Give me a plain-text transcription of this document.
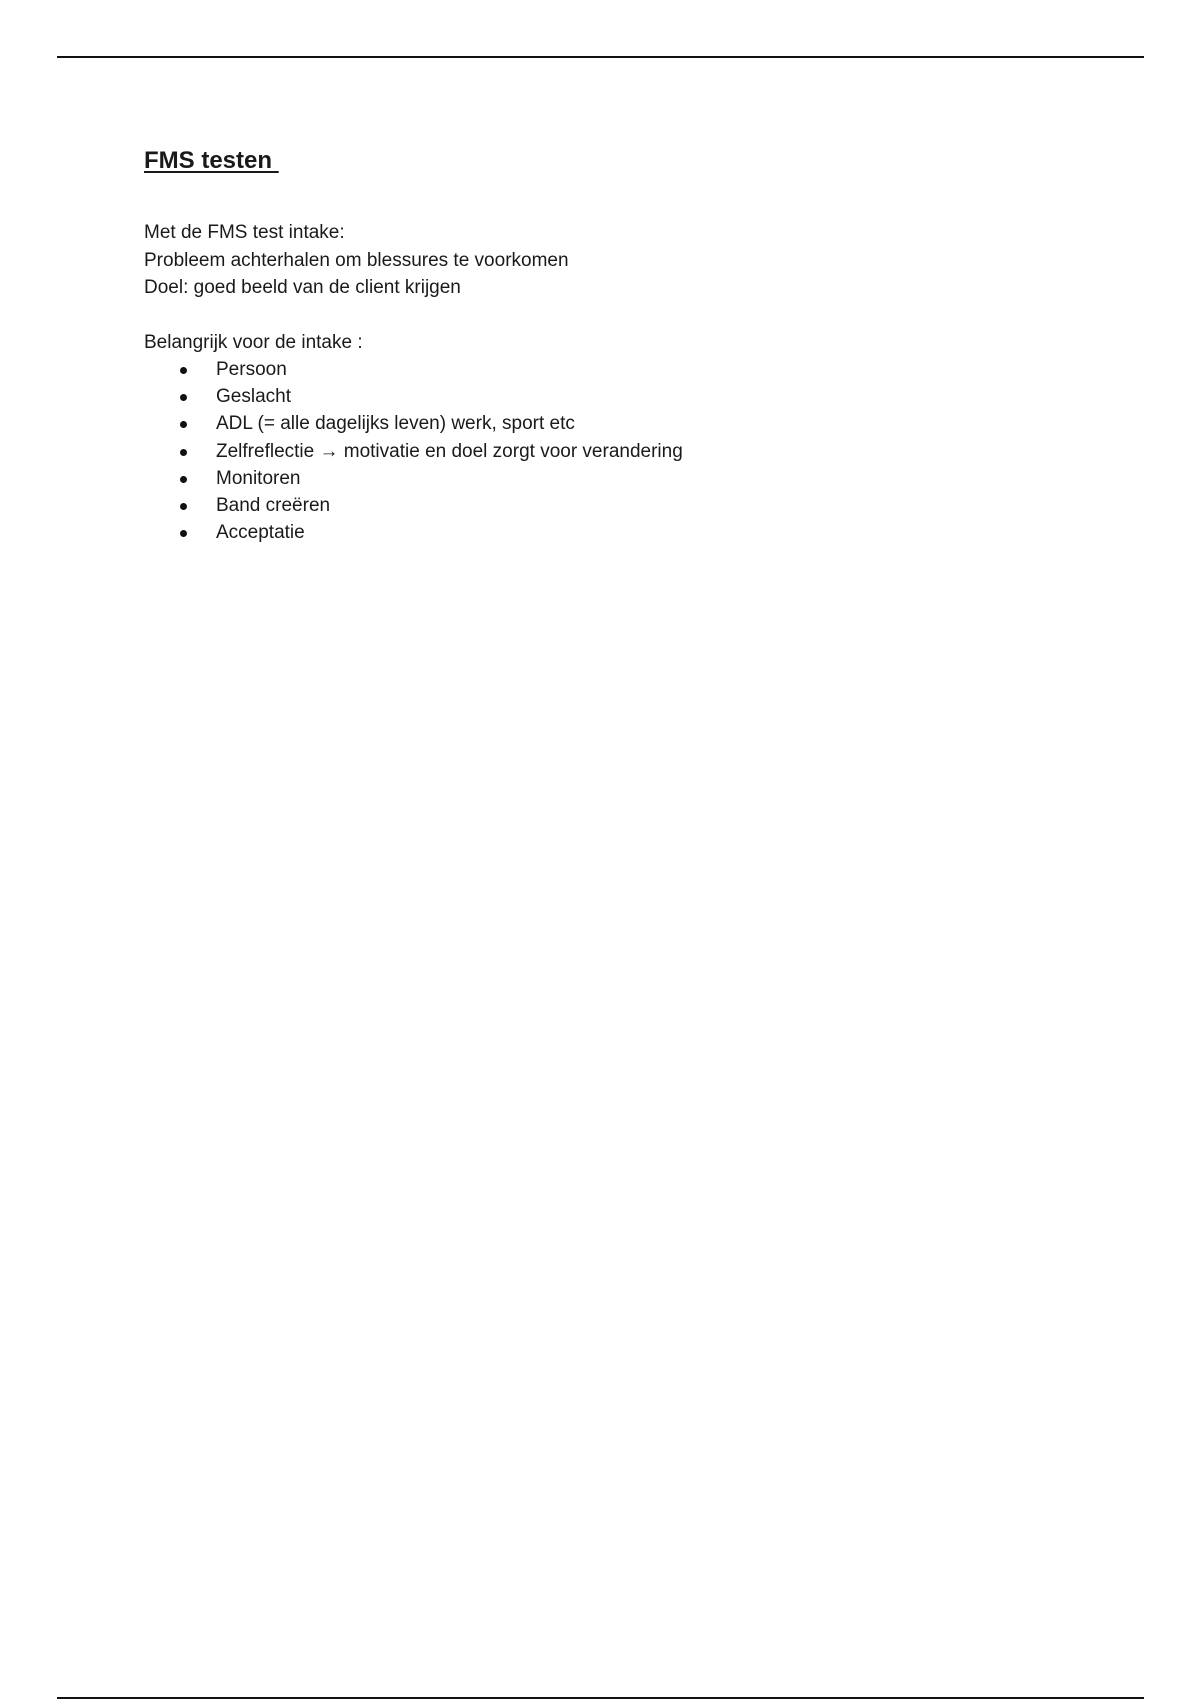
FMS testen
Met de FMS test intake:
Probleem achterhalen om blessures te voorkomen
Doel: goed beeld van de client krijgen
Belangrijk voor de intake :
Persoon
Geslacht
ADL (= alle dagelijks leven) werk, sport etc
Zelfreflectie → motivatie en doel zorgt voor verandering
Monitoren
Band creëren
Acceptatie
